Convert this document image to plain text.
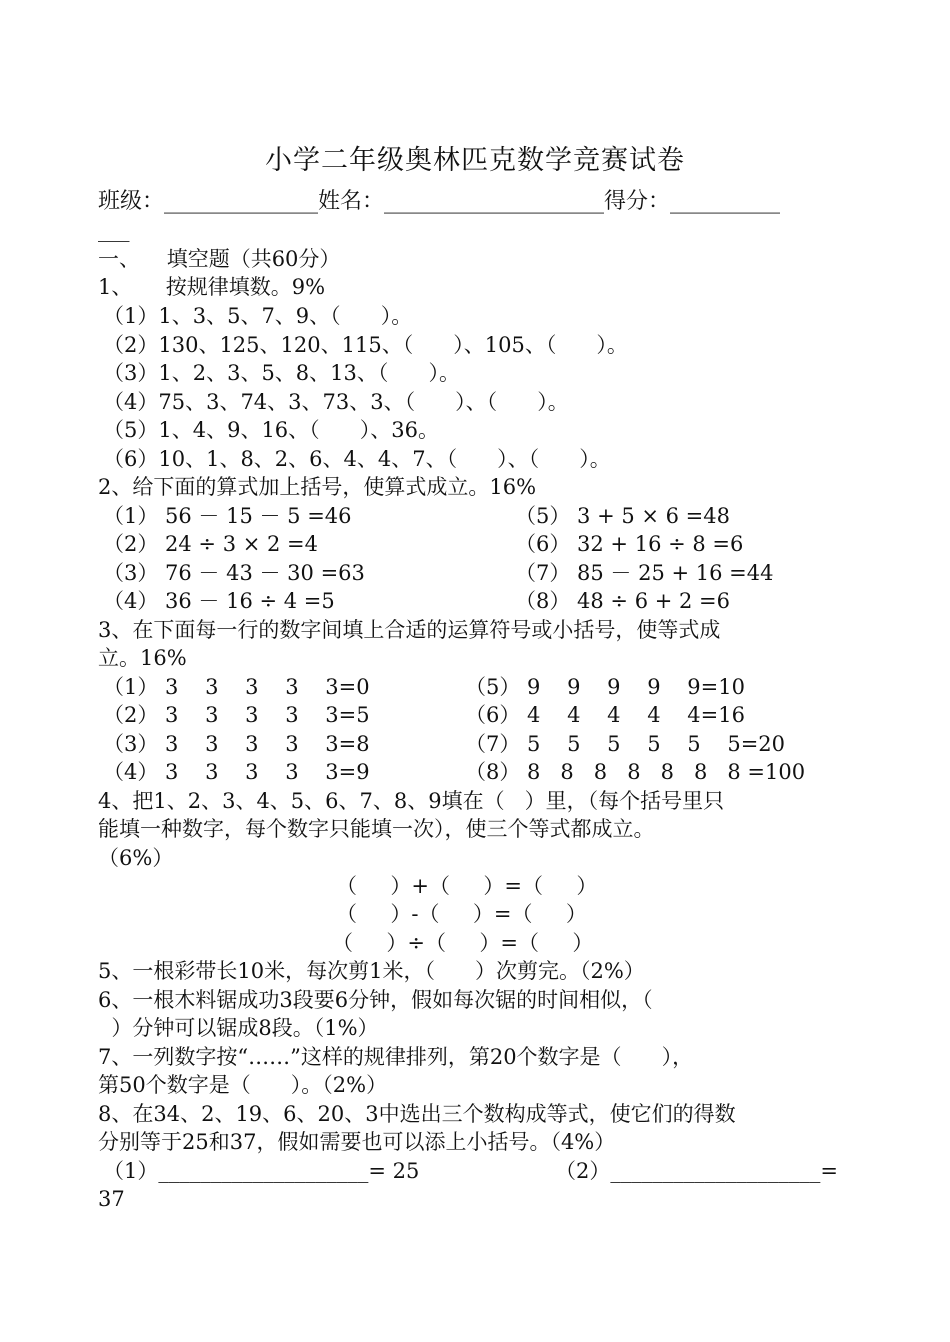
小学二年级奥林匹克数学竞赛试卷
班级：______________姓名：____________________得分：__________
___
一、    填空题（共60分）
1、     按规律填数。9%
（1）1、3、5、7、9、（      ）。
（2）130、125、120、115、（      ）、105、（      ）。
（3）1、2、3、5、8、13、（      ）。
（4）75、3、74、3、73、3、（      ）、（      ）。
（5）1、4、9、16、（      ）、36。
（6）10、1、8、2、6、4、4、7、（      ）、（      ）。
2、给下面的算式加上括号，使算式成立。16%
（1） 56 － 15 － 5 =46
（2） 24 ÷ 3 × 2 =4
（3） 76 － 43 － 30 =63
（4） 36 － 16 ÷ 4 =5
（5） 3 + 5 × 6 =48
（6） 32 + 16 ÷ 8 =6
（7） 85 － 25 + 16 =44
（8） 48 ÷ 6 + 2 =6
3、在下面每一行的数字间填上合适的运算符号或小括号，使等式成
立。16%
（1） 3    3    3    3    3=0
（2） 3    3    3    3    3=5
（3） 3    3    3    3    3=8
（4） 3    3    3    3    3=9
（5） 9    9    9    9    9=10
（6） 4    4    4    4    4=16
（7） 5    5    5    5    5    5=20
（8） 8   8   8   8   8   8   8 =100
4、把1、2、3、4、5、6、7、8、9填在（   ）里，（每个括号里只
能填一种数字，每个数字只能填一次），使三个等式都成立。
（6%）
（     ）+（     ）=（     ）
（     ）-（     ）=（     ）
（     ）÷（     ）=（     ）
5、一根彩带长10米，每次剪1米，（      ）次剪完。（2%）
6、一根木料锯成功3段要6分钟，假如每次锯的时间相似，（
）分钟可以锯成8段。（1%）
7、一列数字按“……”这样的规律排列，第20个数字是（      ），
第50个数字是（      ）。（2%）
8、在34、2、19、6、20、3中选出三个数构成等式，使它们的得数
分别等于25和37，假如需要也可以添上小括号。（4%）
（1）____________________= 25	（2）____________________=
37
